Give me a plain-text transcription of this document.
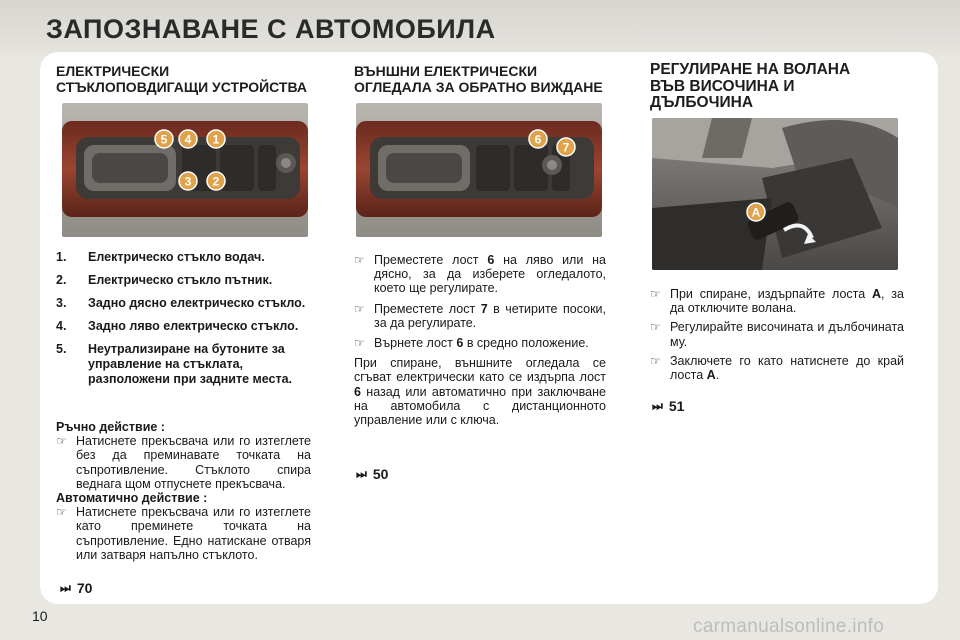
ЗАПОЗНАВАНЕ С АВТОМОБИЛА
ЕЛЕКТРИЧЕСКИ
СТЪКЛОПОВДИГАЩИ УСТРОЙСТВА
5 4 1
3 2
1.	Електрическо стъкло водач.
2.	Електрическо стъкло пътник.
3.	Задно дясно електрическо стъкло.
4.	Задно ляво електрическо стъкло.
5.	Неутрализиране на бутоните за управление на стъклата, разположени при задните места.
Ръчно действие :
☞ Натиснете прекъсвача или го изтеглете без да преминавате точката на съпротивление. Стъклото спира веднага щом отпуснете прекъсвача.
Автоматично действие :
☞ Натиснете прекъсвача или го изтеглете като преминете точката на съпротивление. Едно натискане отваря или затваря напълно стъклото.
⏭ 70
ВЪНШНИ ЕЛЕКТРИЧЕСКИ
ОГЛЕДАЛА ЗА ОБРАТНО ВИЖДАНЕ
6
7
☞ Преместете лост 6 на ляво или на дясно, за да изберете огледалото, което ще регулирате.
☞ Преместете лост 7 в четирите посоки, за да регулирате.
☞ Върнете лост 6 в средно положение.
При спиране, външните огледала се сгъват електрически като се издърпа лост 6 назад или автоматично при заключване на автомобила с дистанционното управление или с ключа.
⏭ 50
РЕГУЛИРАНЕ НА ВОЛАНА
ВЪВ ВИСОЧИНА И
ДЪЛБОЧИНА
A
☞ При спиране, издърпайте лоста A, за да отключите волана.
☞ Регулирайте височината и дълбочината му.
☞ Заключете го като натиснете до край лоста A.
⏭ 51
10	carmanualsonline.info
